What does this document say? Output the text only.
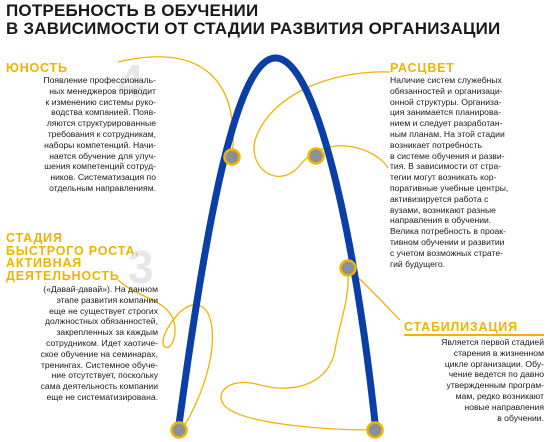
ПОТРЕБНОСТЬ В ОБУЧЕНИИ
В ЗАВИСИМОСТИ ОТ СТАДИИ РАЗВИТИЯ ОРГАНИЗАЦИИ
ЮНОСТЬ 4
Появление профессиональ-
ных менеджеров приводит
к изменению системы руко-
водства компанией. Появ-
ляются структурированные
требования к сотрудникам,
наборы компетенций. Начи-
нается обучение для улуч-
шения компетенций сотруд-
ников. Систематизация по
отдельным направлениям.
СТАДИЯ
БЫСТРОГО РОСТА,
АКТИВНАЯ
ДЕЯТЕЛЬНОСТЬ 3
(«Давай-давай»). На данном
этапе развития компании
еще не существует строгих
должностных обязанностей,
закрепленных за каждым
сотрудником. Идет хаотиче-
ское обучение на семинарах,
тренингах. Системное обуче-
ние отсутствует, поскольку
сама деятельность компании
еще не систематизирована.
РАСЦВЕТ
Наличие систем служебных
обязанностей и организаци-
онной структуры. Организа-
ция занимается планирова-
нием и следует разработан-
ным планам. На этой стадии
возникает потребность
в системе обучения и разви-
тия. В зависимости от стра-
тегии могут возникать кор-
поративные учебные центры,
активизируется работа с
вузами, возникают разные
направления в обучении.
Велика потребность в проак-
тивном обучении и развитии
с учетом возможных страте-
гий будущего.
СТАБИЛИЗАЦИЯ
Является первой стадией
старения в жизненном
цикле организации. Обу-
чение ведется по давно
утвержденным програм-
мам, редко возникают
новые направления
в обучении.
